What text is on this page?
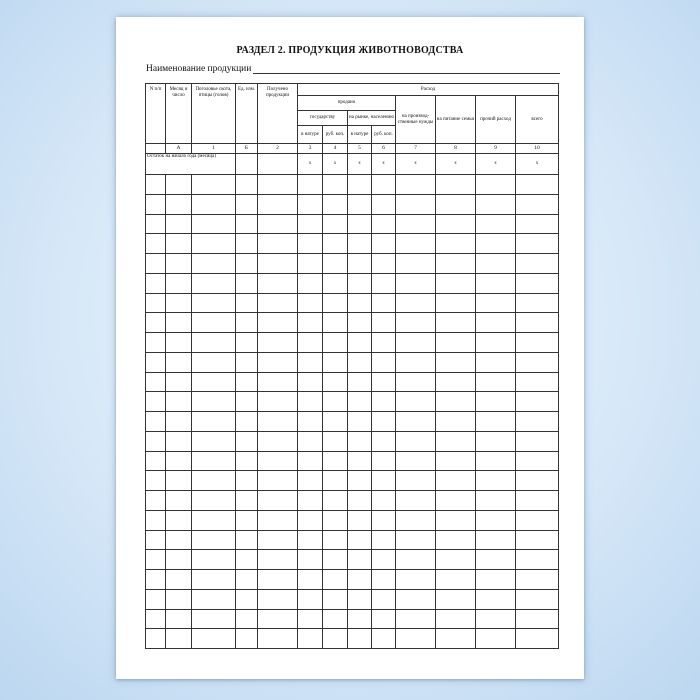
РАЗДЕЛ 2. ПРОДУКЦИЯ ЖИВОТНОВОДСТВА
Наименование продукции
N п/п	Месяц и число	Поголовье скота, птицы (голов)	Ед. изм.	Получено продукции	Расход							
					продано				на производственные нужды	на питание семьи	прочий расход	всего
					государству		на рынке, населению					
					в натуре	руб. коп.	в натуре	руб. коп.				
	А	1	Б	2	3	4	5	6	7	8	9	10
Остаток на начало года (месяца)					x	x	x	x	x	x	x	x
